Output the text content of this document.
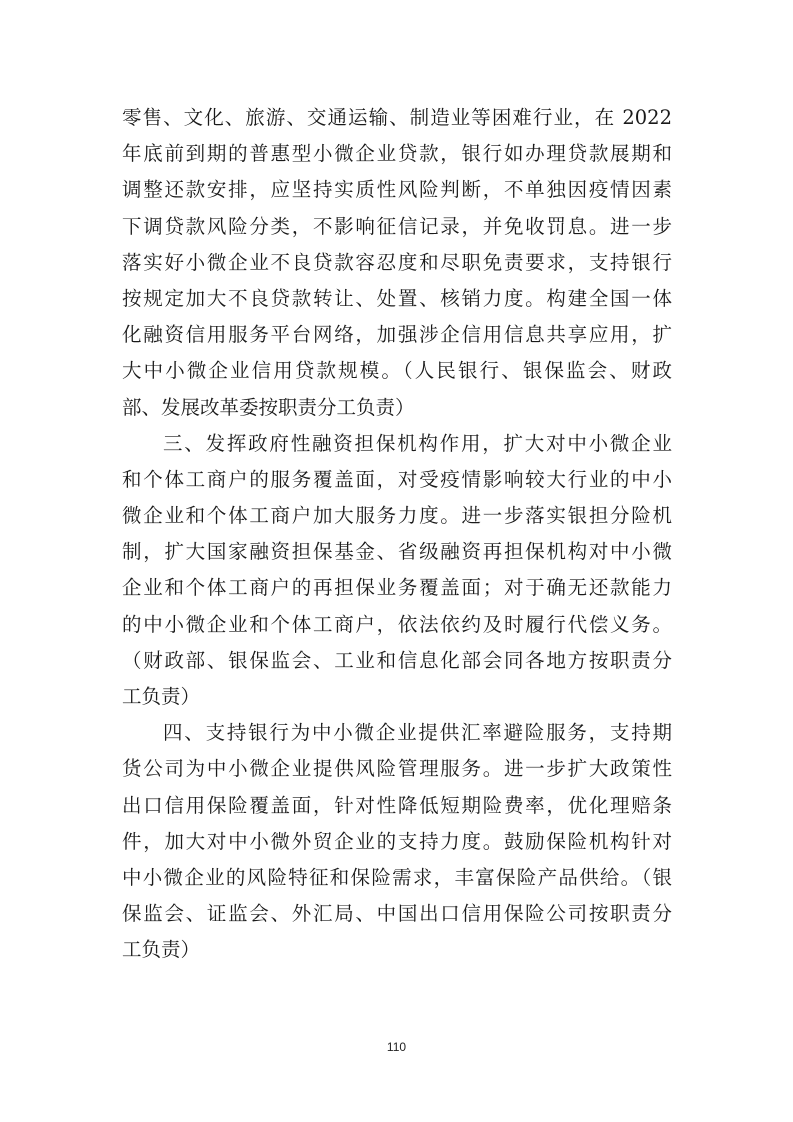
零售、文化、旅游、交通运输、制造业等困难行业，在 2022
年底前到期的普惠型小微企业贷款，银行如办理贷款展期和
调整还款安排，应坚持实质性风险判断，不单独因疫情因素
下调贷款风险分类，不影响征信记录，并免收罚息。进一步
落实好小微企业不良贷款容忍度和尽职免责要求，支持银行
按规定加大不良贷款转让、处置、核销力度。构建全国一体
化融资信用服务平台网络，加强涉企信用信息共享应用，扩
大中小微企业信用贷款规模。（人民银行、银保监会、财政
部、发展改革委按职责分工负责）
三、发挥政府性融资担保机构作用，扩大对中小微企业
和个体工商户的服务覆盖面，对受疫情影响较大行业的中小
微企业和个体工商户加大服务力度。进一步落实银担分险机
制，扩大国家融资担保基金、省级融资再担保机构对中小微
企业和个体工商户的再担保业务覆盖面；对于确无还款能力
的中小微企业和个体工商户，依法依约及时履行代偿义务。
（财政部、银保监会、工业和信息化部会同各地方按职责分
工负责）
四、支持银行为中小微企业提供汇率避险服务，支持期
货公司为中小微企业提供风险管理服务。进一步扩大政策性
出口信用保险覆盖面，针对性降低短期险费率，优化理赔条
件，加大对中小微外贸企业的支持力度。鼓励保险机构针对
中小微企业的风险特征和保险需求，丰富保险产品供给。（银
保监会、证监会、外汇局、中国出口信用保险公司按职责分
工负责）
110
